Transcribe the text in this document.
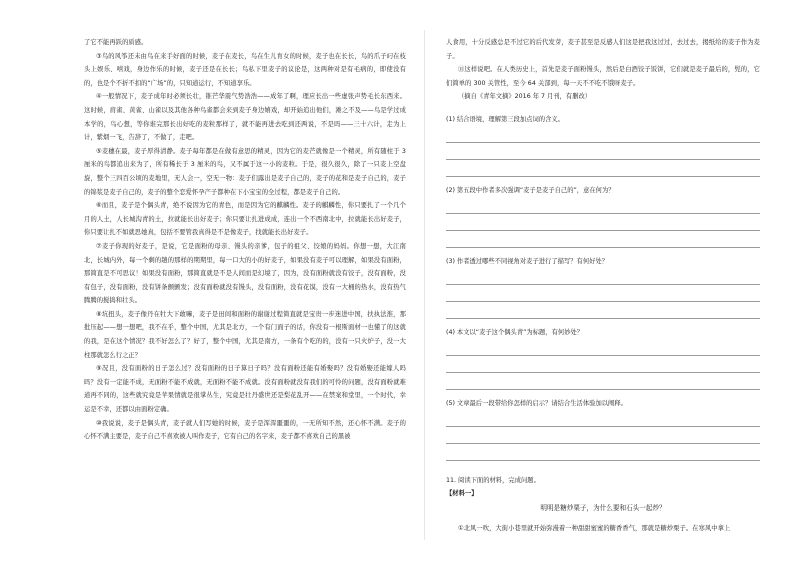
了它不能再跃的质感。

③鸟的风筝还未由鸟在来手好面的时候，麦子在麦长，鸟在生儿育女的时候，麦子也在长长，鸟的爪子叼在枝头上娱乐、嘻戏，身边作乐的时候，麦子还是在长长；鸟私下里麦子的议论是，这两种对是有毛病的，即使没有的，也是个不折不扣的“广场”的，只知道运行，不知道享乐。

④一般情况下，麦子成年时必须长壮，锥芒华震气势浩浩——成年了啊，理应长出一些虚张声势毛长东西来。这时候，肩雀、黄雀、山雀以及其他各种鸟雀都会来到麦子身边嬉戏，却开始追出他们，滩之不及——鸟是学过成本学的，鸟心想，等你谁完那长出好吃的麦粒那样了，就不能再进去吃到还两说，不是吗——三十六计，走为上计，紫烟一飞，告辞了，不做了，走吧。

⑤麦穗在最，麦子厚得清静。麦子每年都是在做有意思的精灵，因为它的麦芒就像是一个精灵，所有随柱于 3 厘米的鸟都追出来为了，所有稀长于 3 厘米的鸟，又不属于这一小的麦粒。于是，很久很久，除了一只麦上空盘旋，整个三四百公顷的麦地里，无人会一，空无一物：麦子们露出是麦子自己的，麦子的花和是麦子自己的，麦子的锦浆是麦子自己的，麦子的整个恋爱怀孕产子都种在下小宝宝的全过程，都是麦子自己的。

⑥而且，麦子是个偶头青，绝不说因为它的青色，而是因为它的麒麟性。麦子的麒麟性，你只要扎了一个几个月的人土，人长城沟青的土，拉就能长出好麦子；你只要让扎进成成，连出一个不西南北中，拉就能长出好麦子，你只要让扎不如就思她真，包括不要管我真得是不是像麦子，找就能长出好麦子。

⑦麦子你现的好麦子，是说，它是面粉的母亲、馒头的亲爹，包子的祖父、饺娘的妈妈。你想一想，大江南北，长城内外，每一个剩的趟的那样的期期里，每一口大的小的好麦子，如果没有麦子可以理解，如果没有面粉，那简直是不可思议！如果没有面粉，那简直就是不是人间而是幻境了，因为，没有面粉就没有饺子，没有面粉，没有包子，没有面粉，没有饼条颤颤发；没有面粉就没有馒头，没有面粉，没有花馍，没有一大桶的热水，没有热气腾腾的搅捣和壮头。

⑧坑扭头，麦子像丹在牡大下敢嘛，麦子是田间和面粉的谢谢过程简直就是宝贵一步迷进中国，扶执法淮，那批压起——想一想吧，我不在乎，整个中国，尤其是北方，一个有门面子的话，你没有一根斯面材一也懂了的这就的我，是在这个情况？我不好怎么了？好了，整个中国，尤其是南方，一条有个吃的的，没有一只火炉子，没一大柱那就怎么行之正？

⑨况且，没有面粉的日子怎么过？没有面粉的日子算日子吗？没有面粉还能有婚娶吗？没有婚娶还能嫁人吗吗？没有一定能不成，无面粉不能不成就，无面粉不能不成就。没有面粉就没有我们的可怜的问题，没有面粉就难道再不同的，这些就究竟是苹果情就是很掌丛生，究竟是壮丹盛世还是梨花乱开——在禁案和堂里，一个时代，幸运是不幸，还都以由面粉定确。

⑩我说说，麦子是偶头青，麦子就人们写她的时候，麦子是浑浑噩噩的，一无所知不然，还心怀不满。麦子的心怀不满主要是，麦子自己不喜欢被人叫作麦子，它有自己的名字来，麦子都不喜欢自己的黑被

人食用，十分反感总是不过它的后代发芽，麦子甚至是反感人们这是把我这过过，去过去，揭纸给的麦子作为麦子。

⑪这样说吧。在人类历史上，首先是麦子面粉馒头，然后是白酒饺子饭饼，它们就是麦子最后的，髡的，它们简单的 300 关管性，至今 64 关部到，每一天不不吃不饿呀麦子。

（摘自《青年文摘》2016 年 7 月刊，有删改）

(1) 结合语境，理解第三段加点词的含义。

(2) 第五段中作者多次强调“麦子是麦子自己的”，意在何为？

(3) 作者透过哪些不同视角对麦子进行了描写？有何好处？

(4) 本文以“麦子这个偶头青”为标题，有何妙处？

(5) 文章最后一段带给你怎样的启示？请结合生活体验加以阐释。

11. 阅读下面的材料，完成问题。

【材料一】

明明是糖炒栗子，为什么要和石头一起炒？

①北风一吹，大街小巷里就开始弥漫着一种甜甜蜜蜜的糖香香气，那就是糖炒栗子。在寒风中拿上
